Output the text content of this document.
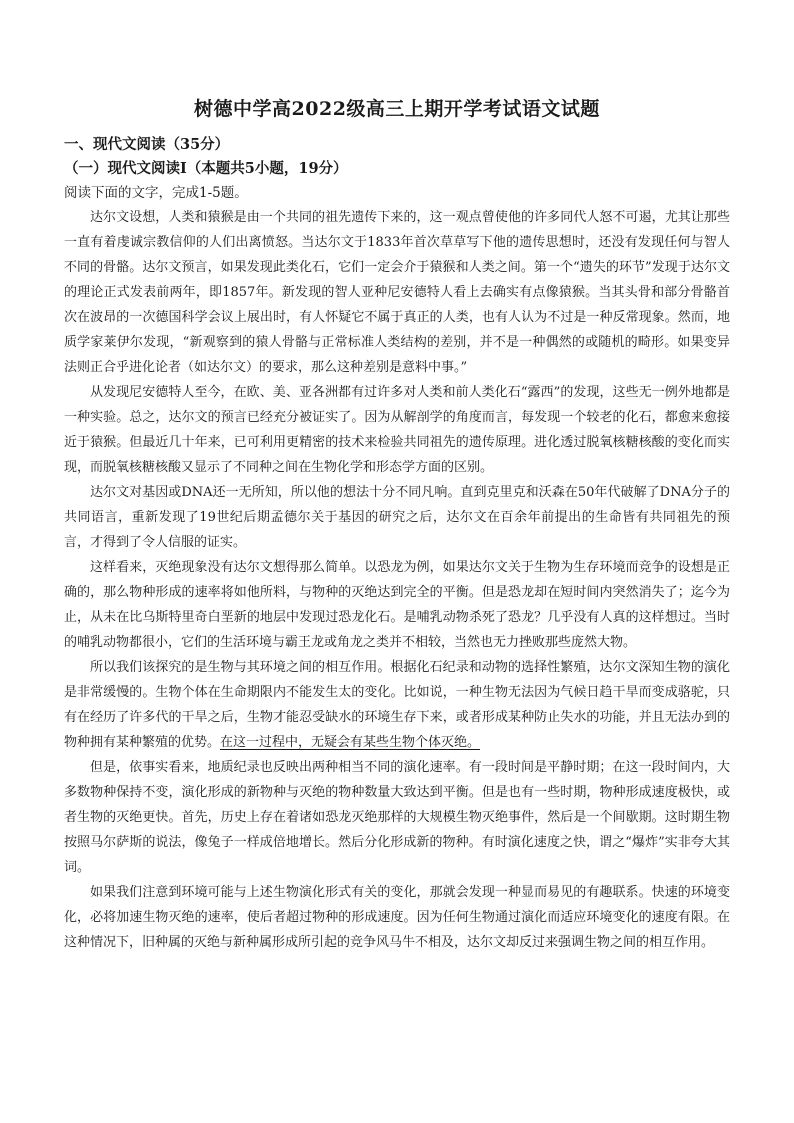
树德中学高2022级高三上期开学考试语文试题
一、现代文阅读（35分）
（一）现代文阅读Ⅰ（本题共5小题，19分）
阅读下面的文字，完成1-5题。

达尔文设想，人类和猿猴是由一个共同的祖先遗传下来的，这一观点曾使他的许多同代人怒不可遏，尤其让那些一直有着虔诚宗教信仰的人们出离愤怒。当达尔文于1833年首次草草写下他的遗传思想时，还没有发现任何与智人不同的骨骼。达尔文预言，如果发现此类化石，它们一定会介于猿猴和人类之间。第一个“遗失的环节”发现于达尔文的理论正式发表前两年，即1857年。新发现的智人亚种尼安德特人看上去确实有点像猿猴。当其头骨和部分骨骼首次在波昂的一次德国科学会议上展出时，有人怀疑它不属于真正的人类，也有人认为不过是一种反常现象。然而，地质学家莱伊尔发现，“新观察到的猿人骨骼与正常标准人类结构的差别，并不是一种偶然的或随机的畸形。如果变异法则正合乎进化论者（如达尔文）的要求，那么这种差别是意料中事。”

从发现尼安德特人至今，在欧、美、亚各洲都有过许多对人类和前人类化石“露西”的发现，这些无一例外地都是一种实验。总之，达尔文的预言已经充分被证实了。因为从解剖学的角度而言，每发现一个较老的化石，都愈来愈接近于猿猴。但最近几十年来，已可利用更精密的技术来检验共同祖先的遗传原理。进化透过脱氧核糖核酸的变化而实现，而脱氧核糖核酸又显示了不同种之间在生物化学和形态学方面的区别。

达尔文对基因或DNA还一无所知，所以他的想法十分不同凡响。直到克里克和沃森在50年代破解了DNA分子的共同语言，重新发现了19世纪后期孟德尔关于基因的研究之后，达尔文在百余年前提出的生命皆有共同祖先的预言，才得到了令人信服的证实。

这样看来，灭绝现象没有达尔文想得那么简单。以恐龙为例，如果达尔文关于生物为生存环境而竞争的设想是正确的，那么物种形成的速率将如他所料，与物种的灭绝达到完全的平衡。但是恐龙却在短时间内突然消失了；迄今为止，从未在比乌斯特里奇白垩新的地层中发现过恐龙化石。是哺乳动物杀死了恐龙？几乎没有人真的这样想过。当时的哺乳动物都很小，它们的生活环境与霸王龙或角龙之类并不相较，当然也无力挫败那些庞然大物。

所以我们该探究的是生物与其环境之间的相互作用。根据化石纪录和动物的选择性繁殖，达尔文深知生物的演化是非常缓慢的。生物个体在生命期限内不能发生太的变化。比如说，一种生物无法因为气候日趋干旱而变成骆驼，只有在经历了许多代的干旱之后，生物才能忍受缺水的环境生存下来，或者形成某种防止失水的功能，并且无法办到的物种拥有某种繁殖的优势。在这一过程中，无疑会有某些生物个体灭绝。

但是，依事实看来，地质纪录也反映出两种相当不同的演化速率。有一段时间是平静时期；在这一段时间内，大多数物种保持不变，演化形成的新物种与灭绝的物种数量大致达到平衡。但是也有一些时期，物种形成速度极快，或者生物的灭绝更快。首先，历史上存在着诸如恐龙灭绝那样的大规模生物灭绝事件，然后是一个间歇期。这时期生物按照马尔萨斯的说法，像兔子一样成倍地增长。然后分化形成新的物种。有时演化速度之快，谓之“爆炸”实非夸大其词。

如果我们注意到环境可能与上述生物演化形式有关的变化，那就会发现一种显而易见的有趣联系。快速的环境变化，必将加速生物灭绝的速率，使后者超过物种的形成速度。因为任何生物通过演化而适应环境变化的速度有限。在这种情况下，旧种属的灭绝与新种属形成所引起的竞争风马牛不相及，达尔文却反过来强调生物之间的相互作用。
